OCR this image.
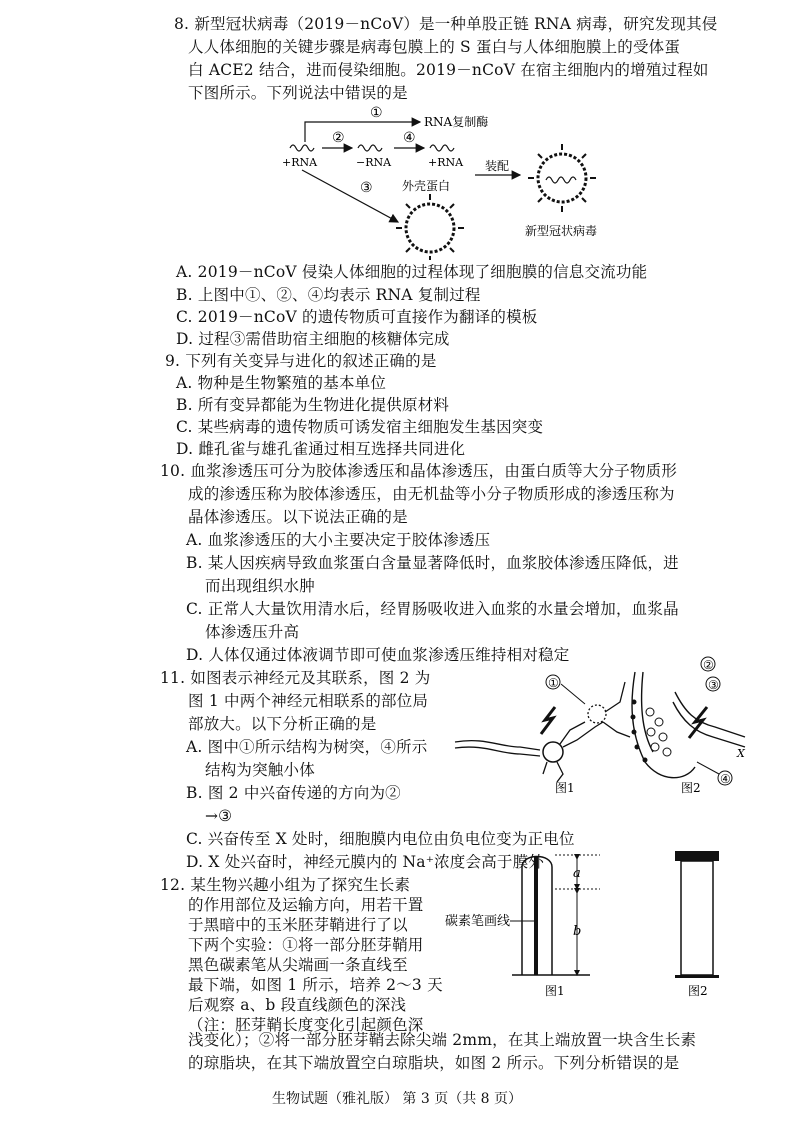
8. 新型冠状病毒（2019－nCoV）是一种单股正链 RNA 病毒，研究发现其侵
人人体细胞的关键步骤是病毒包膜上的 S 蛋白与人体细胞膜上的受体蛋
白 ACE2 结合，进而侵染细胞。2019－nCoV 在宿主细胞内的增殖过程如
下图所示。下列说法中错误的是
①
RNA复制酶
②	④
+RNA	−RNA	+RNA
③ 外壳蛋白
装配
新型冠状病毒
A. 2019－nCoV 侵染人体细胞的过程体现了细胞膜的信息交流功能
B. 上图中①、②、④均表示 RNA 复制过程
C. 2019－nCoV 的遗传物质可直接作为翻译的模板
D. 过程③需借助宿主细胞的核糖体完成
9. 下列有关变异与进化的叙述正确的是
A. 物种是生物繁殖的基本单位
B. 所有变异都能为生物进化提供原材料
C. 某些病毒的遗传物质可诱发宿主细胞发生基因突变
D. 雌孔雀与雄孔雀通过相互选择共同进化
10. 血浆渗透压可分为胶体渗透压和晶体渗透压，由蛋白质等大分子物质形
成的渗透压称为胶体渗透压，由无机盐等小分子物质形成的渗透压称为
晶体渗透压。以下说法正确的是
A. 血浆渗透压的大小主要决定于胶体渗透压
B. 某人因疾病导致血浆蛋白含量显著降低时，血浆胶体渗透压降低，进
而出现组织水肿
C. 正常人大量饮用清水后，经胃肠吸收进入血浆的水量会增加，血浆晶
体渗透压升高
D. 人体仅通过体液调节即可使血浆渗透压维持相对稳定
11. 如图表示神经元及其联系，图 2 为
图 1 中两个神经元相联系的部位局
部放大。以下分析正确的是
A. 图中①所示结构为树突，④所示
结构为突触小体
B. 图 2 中兴奋传递的方向为②
→③
C. 兴奋传至 X 处时，细胞膜内电位由负电位变为正电位
D. X 处兴奋时，神经元膜内的 Na⁺浓度会高于膜外
①
图1
②
③
④
X
图2
12. 某生物兴趣小组为了探究生长素
的作用部位及运输方向，用若干置
于黑暗中的玉米胚芽鞘进行了以
下两个实验：①将一部分胚芽鞘用
黑色碳素笔从尖端画一条直线至
最下端，如图 1 所示，培养 2～3 天
后观察 a、b 段直线颜色的深浅
（注：胚芽鞘长度变化引起颜色深
浅变化）；②将一部分胚芽鞘去除尖端 2mm，在其上端放置一块含生长素
a
b
碳素笔画线
图1	图2
的琼脂块，在其下端放置空白琼脂块，如图 2 所示。下列分析错误的是
生物试题（雅礼版） 第 3 页（共 8 页）
